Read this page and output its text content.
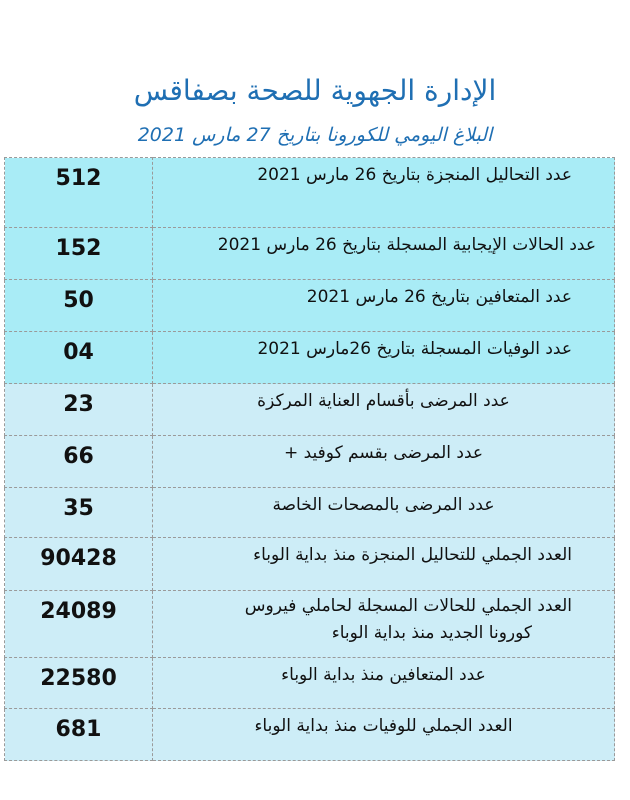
الإدارة الجهوية للصحة بصفاقس
البلاغ اليومي للكورونا بتاريخ 27 مارس 2021
512	عدد التحاليل المنجزة بتاريخ 26 مارس 2021

152	عدد الحالات الإيجابية المسجلة بتاريخ 26 مارس 2021

50	عدد المتعافين بتاريخ 26 مارس 2021

04	عدد الوفيات المسجلة بتاريخ 26مارس 2021

23	عدد المرضى بأقسام العناية المركزة

66	عدد المرضى بقسم كوفيد +

35	عدد المرضى بالمصحات الخاصة

90428	العدد الجملي للتحاليل المنجزة منذ بداية الوباء

24089	العدد الجملي للحالات المسجلة لحاملي فيروس
كورونا الجديد منذ بداية الوباء

22580	عدد المتعافين منذ بداية الوباء

681	العدد الجملي للوفيات منذ بداية الوباء
